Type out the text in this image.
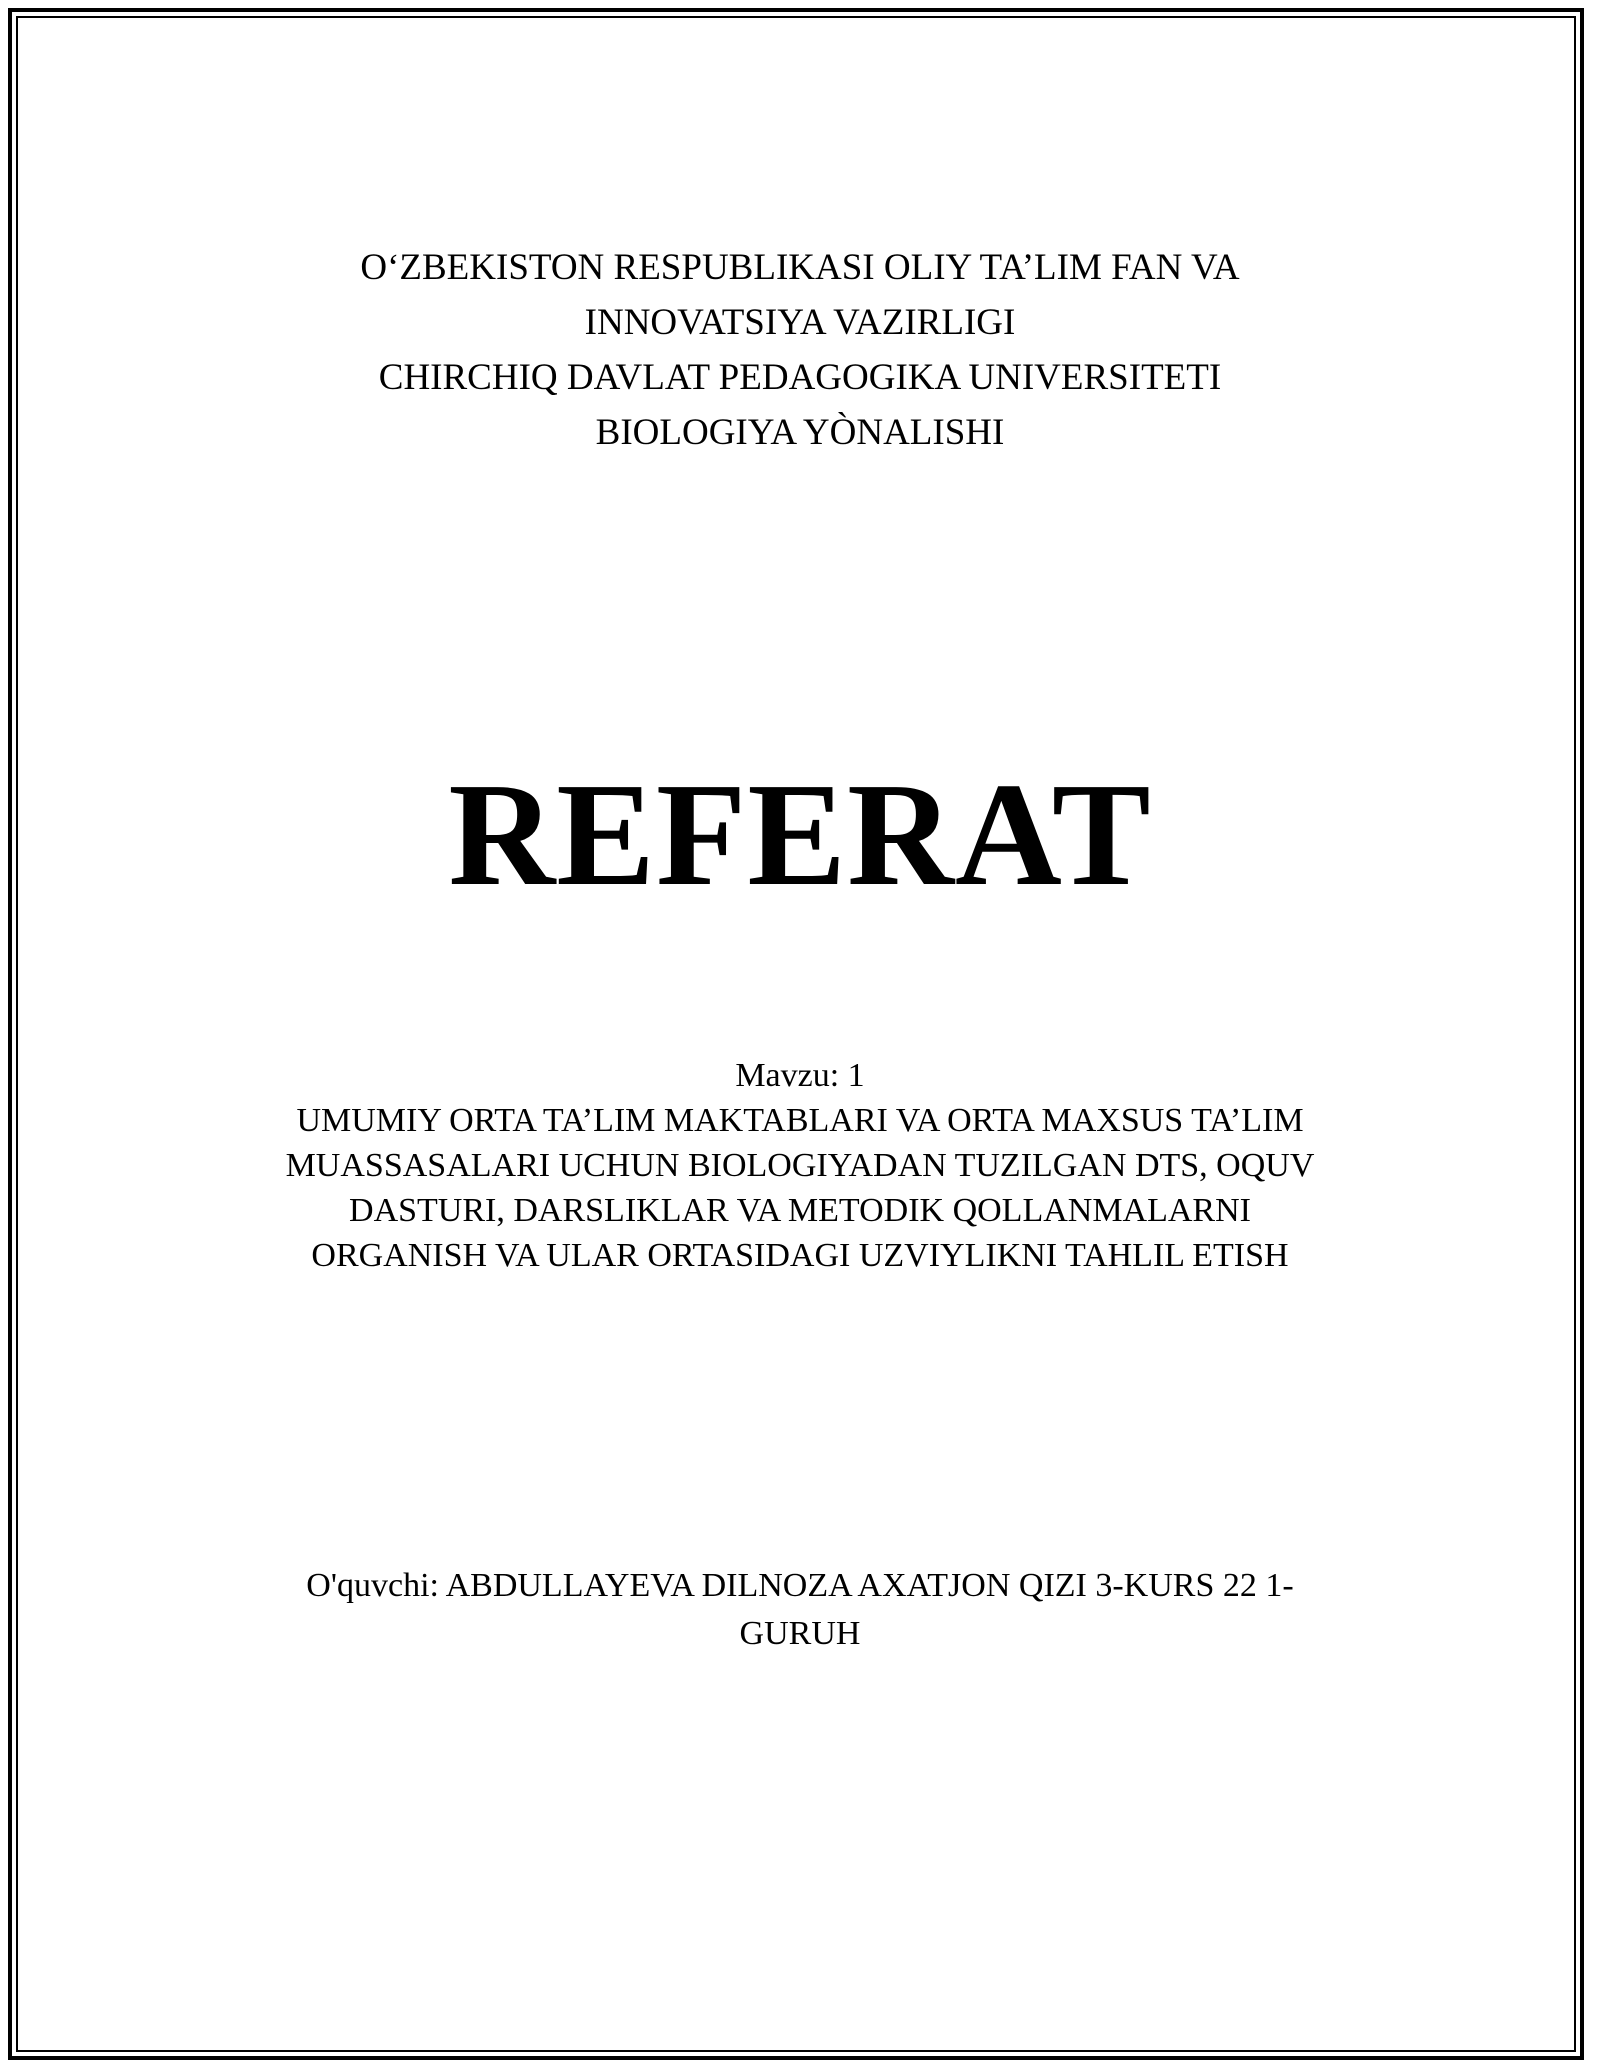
O‘ZBEKISTON RESPUBLIKASI OLIY TA’LIM FAN VA
INNOVATSIYA VAZIRLIGI
CHIRCHIQ DAVLAT PEDAGOGIKA UNIVERSITETI
BIOLOGIYA YÒNALISHI
REFERAT
Mavzu: 1
UMUMIY ORTA TA’LIM MAKTABLARI VA ORTA MAXSUS TA’LIM
MUASSASALARI UCHUN BIOLOGIYADAN TUZILGAN DTS, OQUV
DASTURI, DARSLIKLAR VA METODIK QOLLANMALARNI
ORGANISH VA ULAR ORTASIDAGI UZVIYLIKNI TAHLIL ETISH
O'quvchi: ABDULLAYEVA DILNOZA AXATJON QIZI 3-KURS 22 1-
GURUH
